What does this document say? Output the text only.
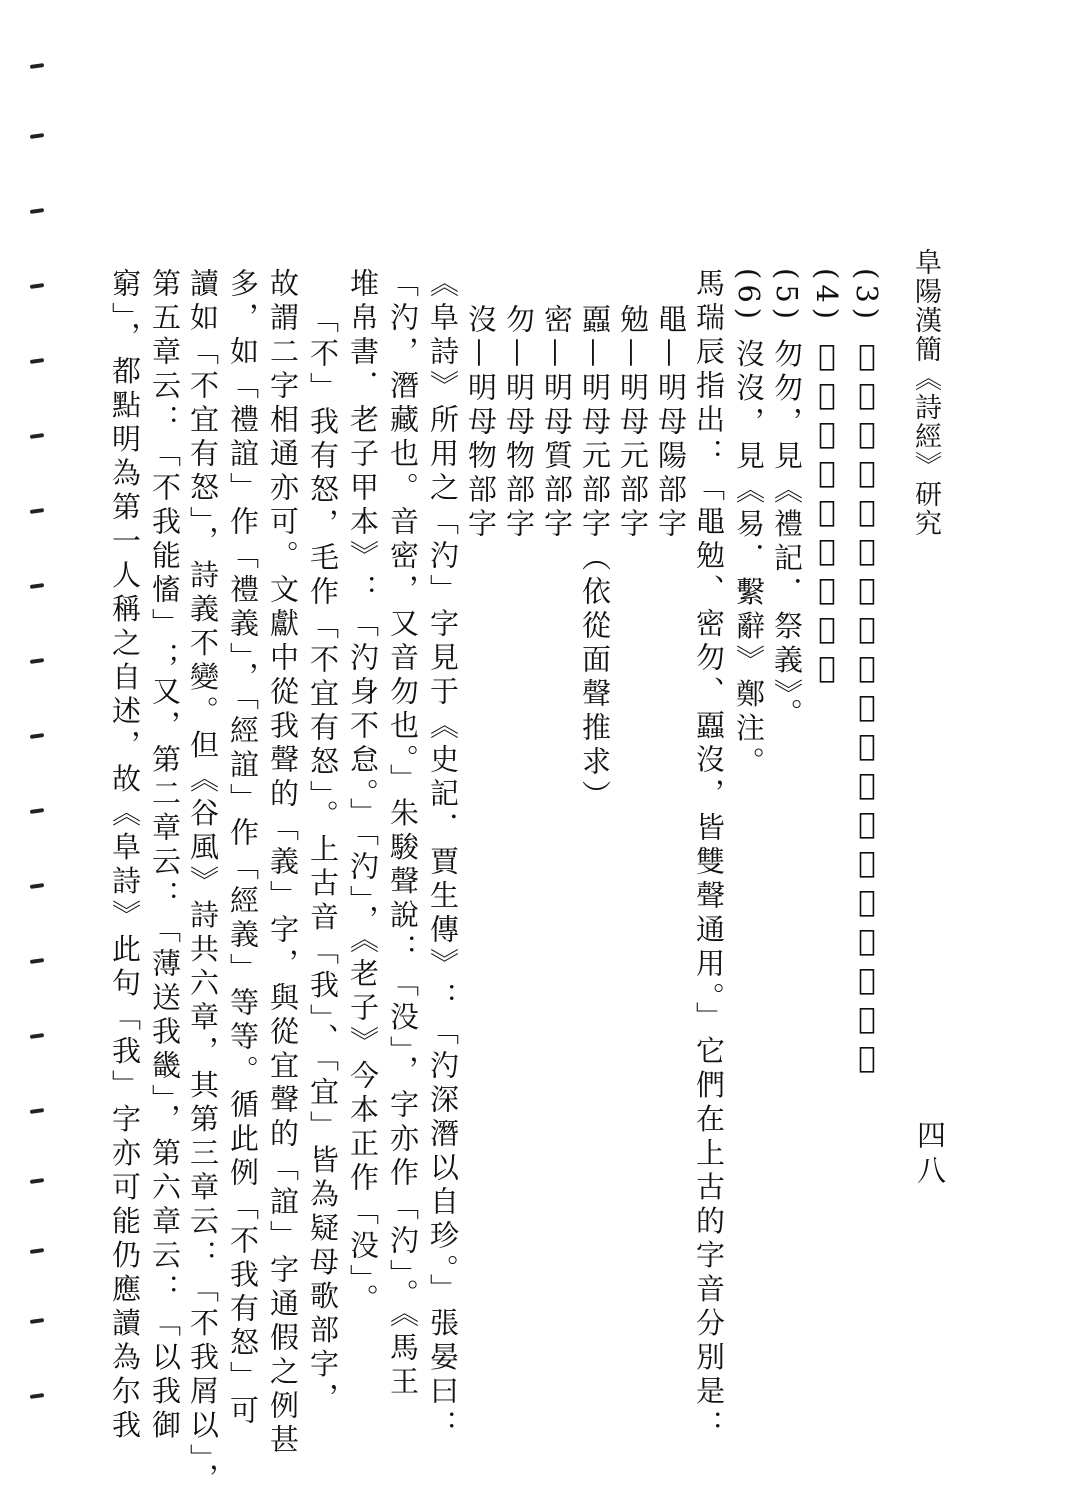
阜陽漢簡《詩經》研究
四八
(3) 𧕀沒，見《爾雅釋文》，「𧕀」，古蠠字。
(4) 𧕀沒，見《玉篇》。
(5) 勿勿，見《禮記．祭義》。
(6) 沒沒，見《易．繫辭》鄭注。
馬瑞辰指出：「黽勉、密勿、蠠沒，皆雙聲通用。」它們在上古的字音分別是：
黽—明母陽部字
勉—明母元部字
蠠—明母元部字（依從面聲推求）
密—明母質部字
勿—明母物部字
沒—明母物部字
《阜詩》所用之「汋」字見于《史記．賈生傳》：「汋深潛以自珍。」張晏曰：
「汋，潛藏也。音密，又音勿也。」朱駿聲說：「没」，字亦作「汋」。《馬王
堆帛書．老子甲本》：「汋身不怠。」「汋」，《老子》今本正作「没」。
「不」我有怒，毛作「不宜有怒」。上古音「我」、「宜」皆為疑母歌部字，
故謂二字相通亦可。文獻中從我聲的「義」字，與從宜聲的「誼」字通假之例甚
多，如「禮誼」作「禮義」，「經誼」作「經義」等等。循此例「不我有怒」可
讀如「不宜有怒」，詩義不變。但《谷風》詩共六章，其第三章云：「不我屑以」，
第五章云：「不我能慉」；又，第二章云：「薄送我畿」，第六章云：「以我御
窮」，都點明為第一人稱之自述，故《阜詩》此句「我」字亦可能仍應讀為尔我
